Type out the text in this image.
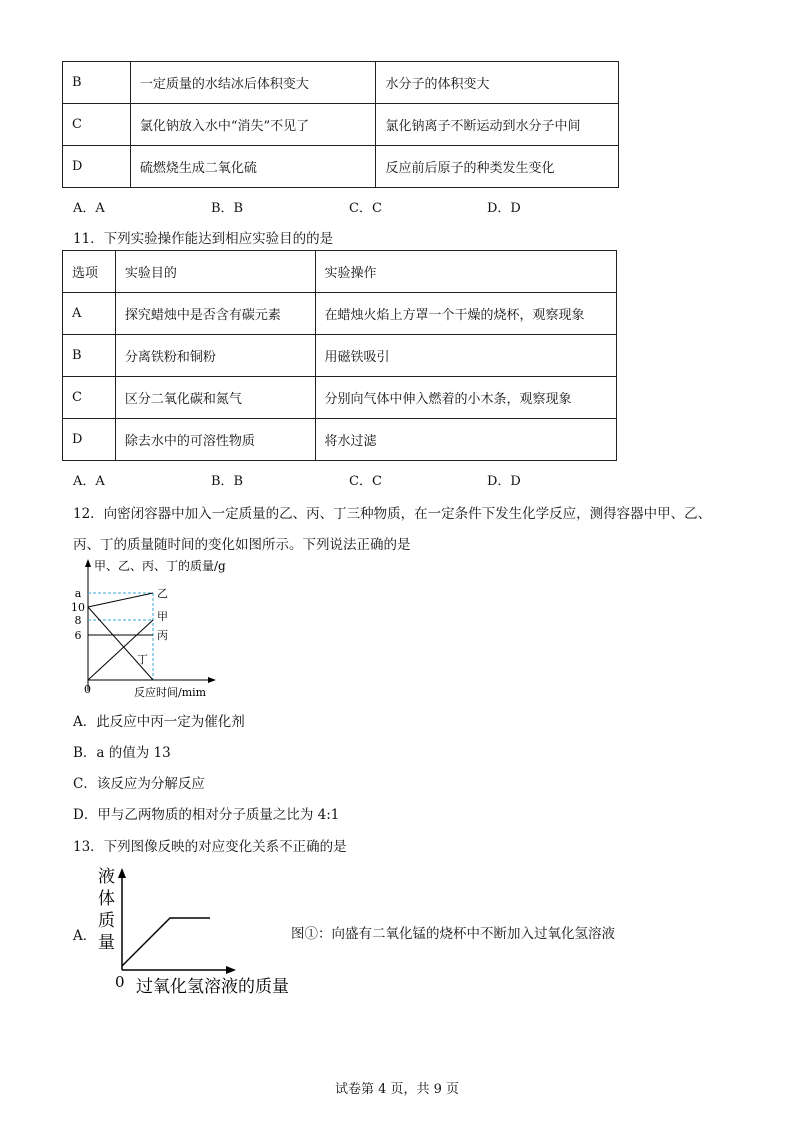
B	一定质量的水结冰后体积变大	水分子的体积变大
C	氯化钠放入水中“消失”不见了	氯化钠离子不断运动到水分子中间
D	硫燃烧生成二氧化硫	反应前后原子的种类发生变化
A．A	B．B	C．C	D．D
11．下列实验操作能达到相应实验目的的是
选项	实验目的	实验操作
A	探究蜡烛中是否含有碳元素	在蜡烛火焰上方罩一个干燥的烧杯，观察现象
B	分离铁粉和铜粉	用磁铁吸引
C	区分二氧化碳和氮气	分别向气体中伸入燃着的小木条，观察现象
D	除去水中的可溶性物质	将水过滤
A．A	B．B	C．C	D．D
12．向密闭容器中加入一定质量的乙、丙、丁三种物质，在一定条件下发生化学反应，测得容器中甲、乙、
丙、丁的质量随时间的变化如图所示。下列说法正确的是
甲、乙、丙、丁的质量/g
a
10
8
6
乙
甲
丙
丁
0	反应时间/mim
A．此反应中丙一定为催化剂
B．a 的值为 13
C．该反应为分解反应
D．甲与乙两物质的相对分子质量之比为 4:1
13．下列图像反映的对应变化关系不正确的是
A．
液
体
质
量
0 过氧化氢溶液的质量
图①：向盛有二氧化锰的烧杯中不断加入过氧化氢溶液
试卷第 4 页，共 9 页
